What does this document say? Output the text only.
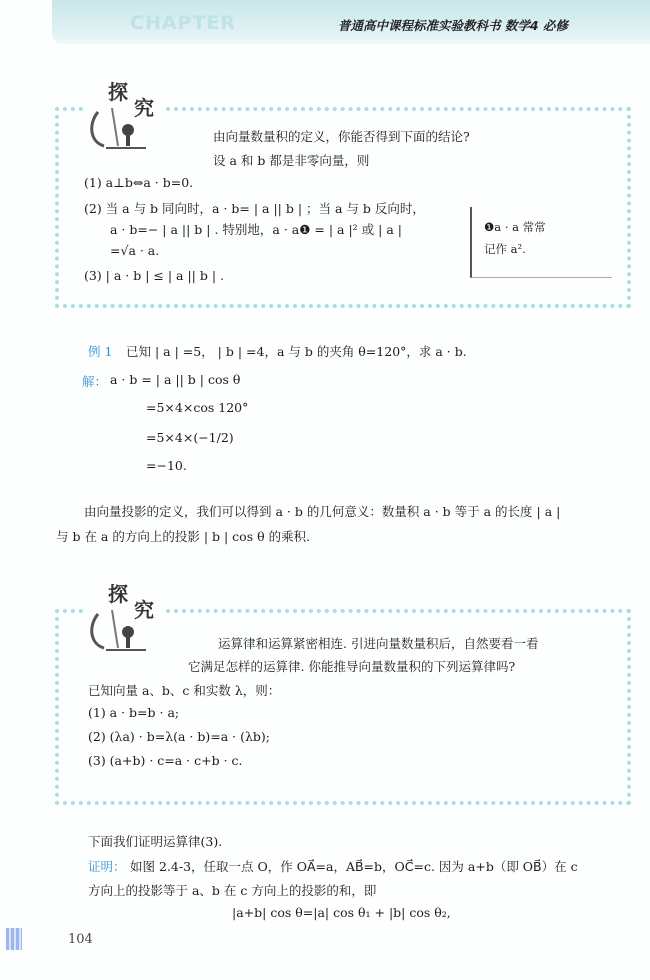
CHAPTER	普通高中课程标准实验教科书 数学4 必修
探
究
由向量数量积的定义，你能否得到下面的结论?
设 a 和 b 都是非零向量，则
(1) a⊥b⇔a · b=0.
(2) 当 a 与 b 同向时，a · b= | a || b | ；当 a 与 b 反向时，
a · b=− | a || b | . 特别地，a · a❶ = | a |² 或 | a |
=√a · a.
(3) | a · b | ≤ | a || b | .
❶a · a 常常
记作 a².
例 1 已知 | a | =5， | b | =4，a 与 b 的夹角 θ=120°，求 a · b.
解： a · b = | a || b | cos θ
=5×4×cos 120°
=5×4×(−1/2)
=−10.
由向量投影的定义，我们可以得到 a · b 的几何意义：数量积 a · b 等于 a 的长度 | a |
与 b 在 a 的方向上的投影 | b | cos θ 的乘积.
探
究
运算律和运算紧密相连. 引进向量数量积后，自然要看一看
它满足怎样的运算律. 你能推导向量数量积的下列运算律吗?
已知向量 a、b、c 和实数 λ，则：
(1) a · b=b · a;
(2) (λa) · b=λ(a · b)=a · (λb);
(3) (a+b) · c=a · c+b · c.
下面我们证明运算律(3).
证明： 如图 2.4-3，任取一点 O，作 OA⃗=a，AB⃗=b，OC⃗=c. 因为 a+b（即 OB⃗）在 c
方向上的投影等于 a、b 在 c 方向上的投影的和，即
|a+b| cos θ=|a| cos θ₁ + |b| cos θ₂,
104
